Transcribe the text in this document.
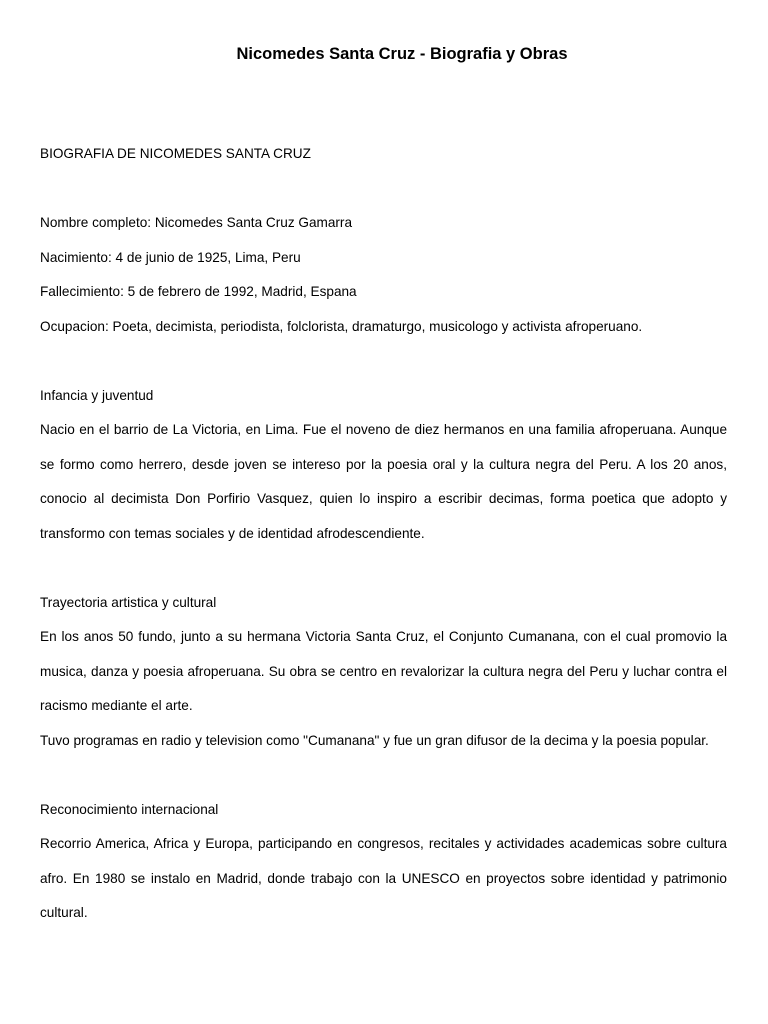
Nicomedes Santa Cruz - Biografia y Obras

BIOGRAFIA DE NICOMEDES SANTA CRUZ

Nombre completo: Nicomedes Santa Cruz Gamarra

Nacimiento: 4 de junio de 1925, Lima, Peru

Fallecimiento: 5 de febrero de 1992, Madrid, Espana

Ocupacion: Poeta, decimista, periodista, folclorista, dramaturgo, musicologo y activista afroperuano.

Infancia y juventud

Nacio en el barrio de La Victoria, en Lima. Fue el noveno de diez hermanos en una familia afroperuana. Aunque se formo como herrero, desde joven se intereso por la poesia oral y la cultura negra del Peru. A los 20 anos, conocio al decimista Don Porfirio Vasquez, quien lo inspiro a escribir decimas, forma poetica que adopto y transformo con temas sociales y de identidad afrodescendiente.

Trayectoria artistica y cultural

En los anos 50 fundo, junto a su hermana Victoria Santa Cruz, el Conjunto Cumanana, con el cual promovio la musica, danza y poesia afroperuana. Su obra se centro en revalorizar la cultura negra del Peru y luchar contra el racismo mediante el arte.

Tuvo programas en radio y television como "Cumanana" y fue un gran difusor de la decima y la poesia popular.

Reconocimiento internacional

Recorrio America, Africa y Europa, participando en congresos, recitales y actividades academicas sobre cultura afro. En 1980 se instalo en Madrid, donde trabajo con la UNESCO en proyectos sobre identidad y patrimonio cultural.
